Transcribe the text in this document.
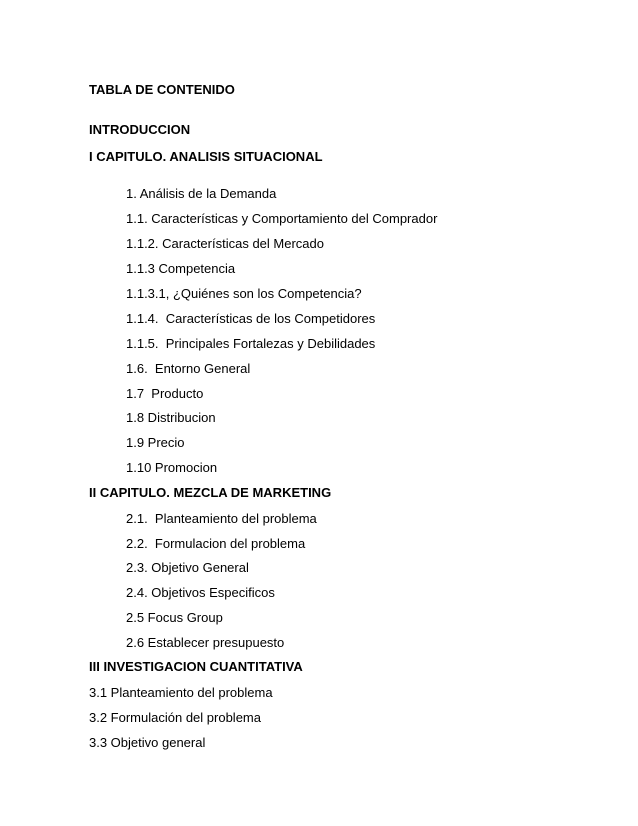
TABLA DE CONTENIDO
INTRODUCCION
I CAPITULO. ANALISIS SITUACIONAL
1. Análisis de la Demanda
1.1. Características y Comportamiento del Comprador
1.1.2. Características del Mercado
1.1.3 Competencia
1.1.3.1, ¿Quiénes son los Competencia?
1.1.4.  Características de los Competidores
1.1.5.  Principales Fortalezas y Debilidades
1.6.  Entorno General
1.7  Producto
1.8 Distribucion
1.9 Precio
1.10 Promocion
II CAPITULO. MEZCLA DE MARKETING
2.1.  Planteamiento del problema
2.2.  Formulacion del problema
2.3. Objetivo General
2.4. Objetivos Especificos
2.5 Focus Group
2.6 Establecer presupuesto
III INVESTIGACION CUANTITATIVA
3.1 Planteamiento del problema
3.2 Formulación del problema
3.3 Objetivo general
